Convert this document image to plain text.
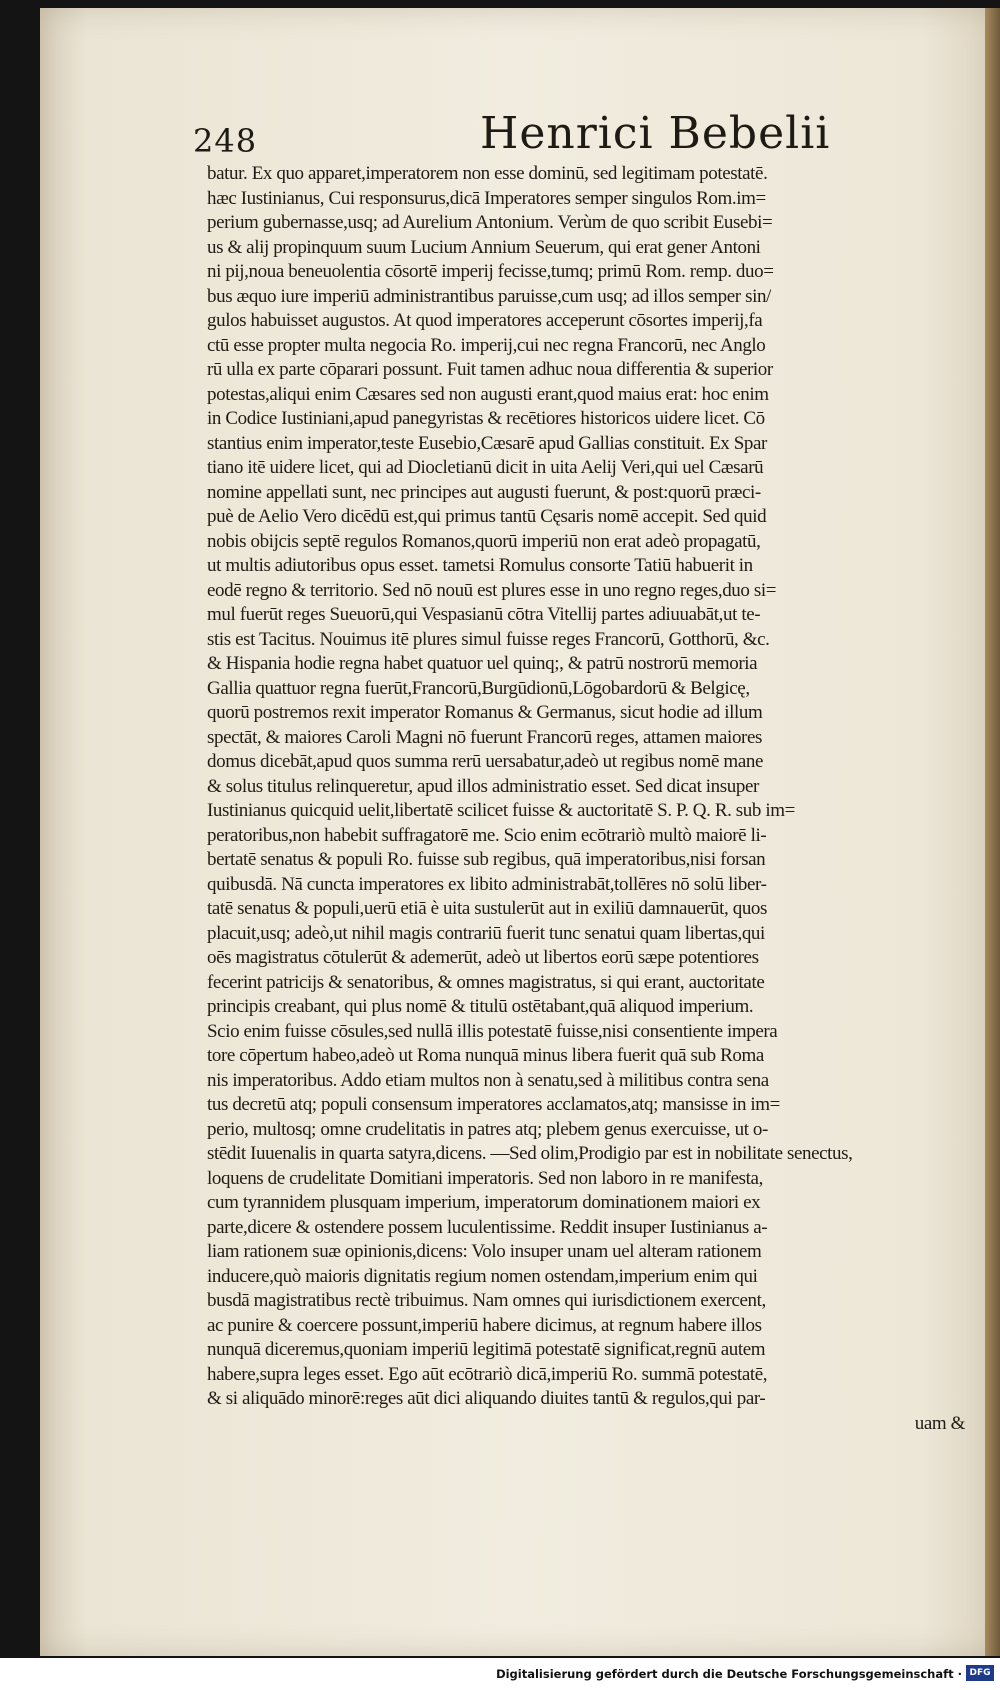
248	Henrici Bebelii
batur. Ex quo apparet,imperatorem non esse dominū, sed legitimam potestatē.
hæc Iustinianus, Cui responsurus,dicā Imperatores semper singulos Rom.im=
perium gubernasse,usq; ad Aurelium Antonium. Verùm de quo scribit Eusebi=
us & alij propinquum suum Lucium Annium Seuerum, qui erat gener Antoni
ni pij,noua beneuolentia cōsortē imperij fecisse,tumq; primū Rom. remp. duo=
bus æquo iure imperiū administrantibus paruisse,cum usq; ad illos semper sin/
gulos habuisset augustos. At quod imperatores acceperunt cōsortes imperij,fa
ctū esse propter multa negocia Ro. imperij,cui nec regna Francorū, nec Anglo
rū ulla ex parte cōparari possunt. Fuit tamen adhuc noua differentia & superior
potestas,aliqui enim Cæsares sed non augusti erant,quod maius erat: hoc enim
in Codice Iustiniani,apud panegyristas & recētiores historicos uidere licet. Cō
stantius enim imperator,teste Eusebio,Cæsarē apud Gallias constituit. Ex Spar
tiano itē uidere licet, qui ad Diocletianū dicit in uita Aelij Veri,qui uel Cæsarū
nomine appellati sunt, nec principes aut augusti fuerunt, & post:quorū præci-
puè de Aelio Vero dicēdū est,qui primus tantū Cęsaris nomē accepit. Sed quid
nobis obijcis septē regulos Romanos,quorū imperiū non erat adeò propagatū,
ut multis adiutoribus opus esset. tametsi Romulus consorte Tatiū habuerit in
eodē regno & territorio. Sed nō nouū est plures esse in uno regno reges,duo si=
mul fuerūt reges Sueuorū,qui Vespasianū cōtra Vitellij partes adiuuabāt,ut te-
stis est Tacitus. Nouimus itē plures simul fuisse reges Francorū, Gotthorū, &c.
& Hispania hodie regna habet quatuor uel quinq;, & patrū nostrorū memoria
Gallia quattuor regna fuerūt,Francorū,Burgūdionū,Lōgobardorū & Belgicę,
quorū postremos rexit imperator Romanus & Germanus, sicut hodie ad illum
spectāt, & maiores Caroli Magni nō fuerunt Francorū reges, attamen maiores
domus dicebāt,apud quos summa rerū uersabatur,adeò ut regibus nomē mane
& solus titulus relinqueretur, apud illos administratio esset. Sed dicat insuper
Iustinianus quicquid uelit,libertatē scilicet fuisse & auctoritatē S. P. Q. R. sub im=
peratoribus,non habebit suffragatorē me. Scio enim ecōtrariò multò maiorē li-
bertatē senatus & populi Ro. fuisse sub regibus, quā imperatoribus,nisi forsan
quibusdā. Nā cuncta imperatores ex libito administrabāt,tollēres nō solū liber-
tatē senatus & populi,uerū etiā è uita sustulerūt aut in exiliū damnauerūt, quos
placuit,usq; adeò,ut nihil magis contrariū fuerit tunc senatui quam libertas,qui
oēs magistratus cōtulerūt & ademerūt, adeò ut libertos eorū sæpe potentiores
fecerint patricijs & senatoribus, & omnes magistratus, si qui erant, auctoritate
principis creabant, qui plus nomē & titulū ostētabant,quā aliquod imperium.
Scio enim fuisse cōsules,sed nullā illis potestatē fuisse,nisi consentiente impera
tore cōpertum habeo,adeò ut Roma nunquā minus libera fuerit quā sub Roma
nis imperatoribus. Addo etiam multos non à senatu,sed à militibus contra sena
tus decretū atq; populi consensum imperatores acclamatos,atq; mansisse in im=
perio, multosq; omne crudelitatis in patres atq; plebem genus exercuisse, ut o-
stēdit Iuuenalis in quarta satyra,dicens. —Sed olim,Prodigio par est in nobilitate senectus,
loquens de crudelitate Domitiani imperatoris. Sed non laboro in re manifesta,
cum tyrannidem plusquam imperium, imperatorum dominationem maiori ex
parte,dicere & ostendere possem luculentissime. Reddit insuper Iustinianus a-
liam rationem suæ opinionis,dicens: Volo insuper unam uel alteram rationem
inducere,quò maioris dignitatis regium nomen ostendam,imperium enim qui
busdā magistratibus rectè tribuimus. Nam omnes qui iurisdictionem exercent,
ac punire & coercere possunt,imperiū habere dicimus, at regnum habere illos
nunquā diceremus,quoniam imperiū legitimā potestatē significat,regnū autem
habere,supra leges esset. Ego aūt ecōtrariò dicā,imperiū Ro. summā potestatē,
& si aliquādo minorē:reges aūt dici aliquando diuites tantū & regulos,qui par-
uam &
Digitalisierung gefördert durch die Deutsche Forschungsgemeinschaft · DFG
